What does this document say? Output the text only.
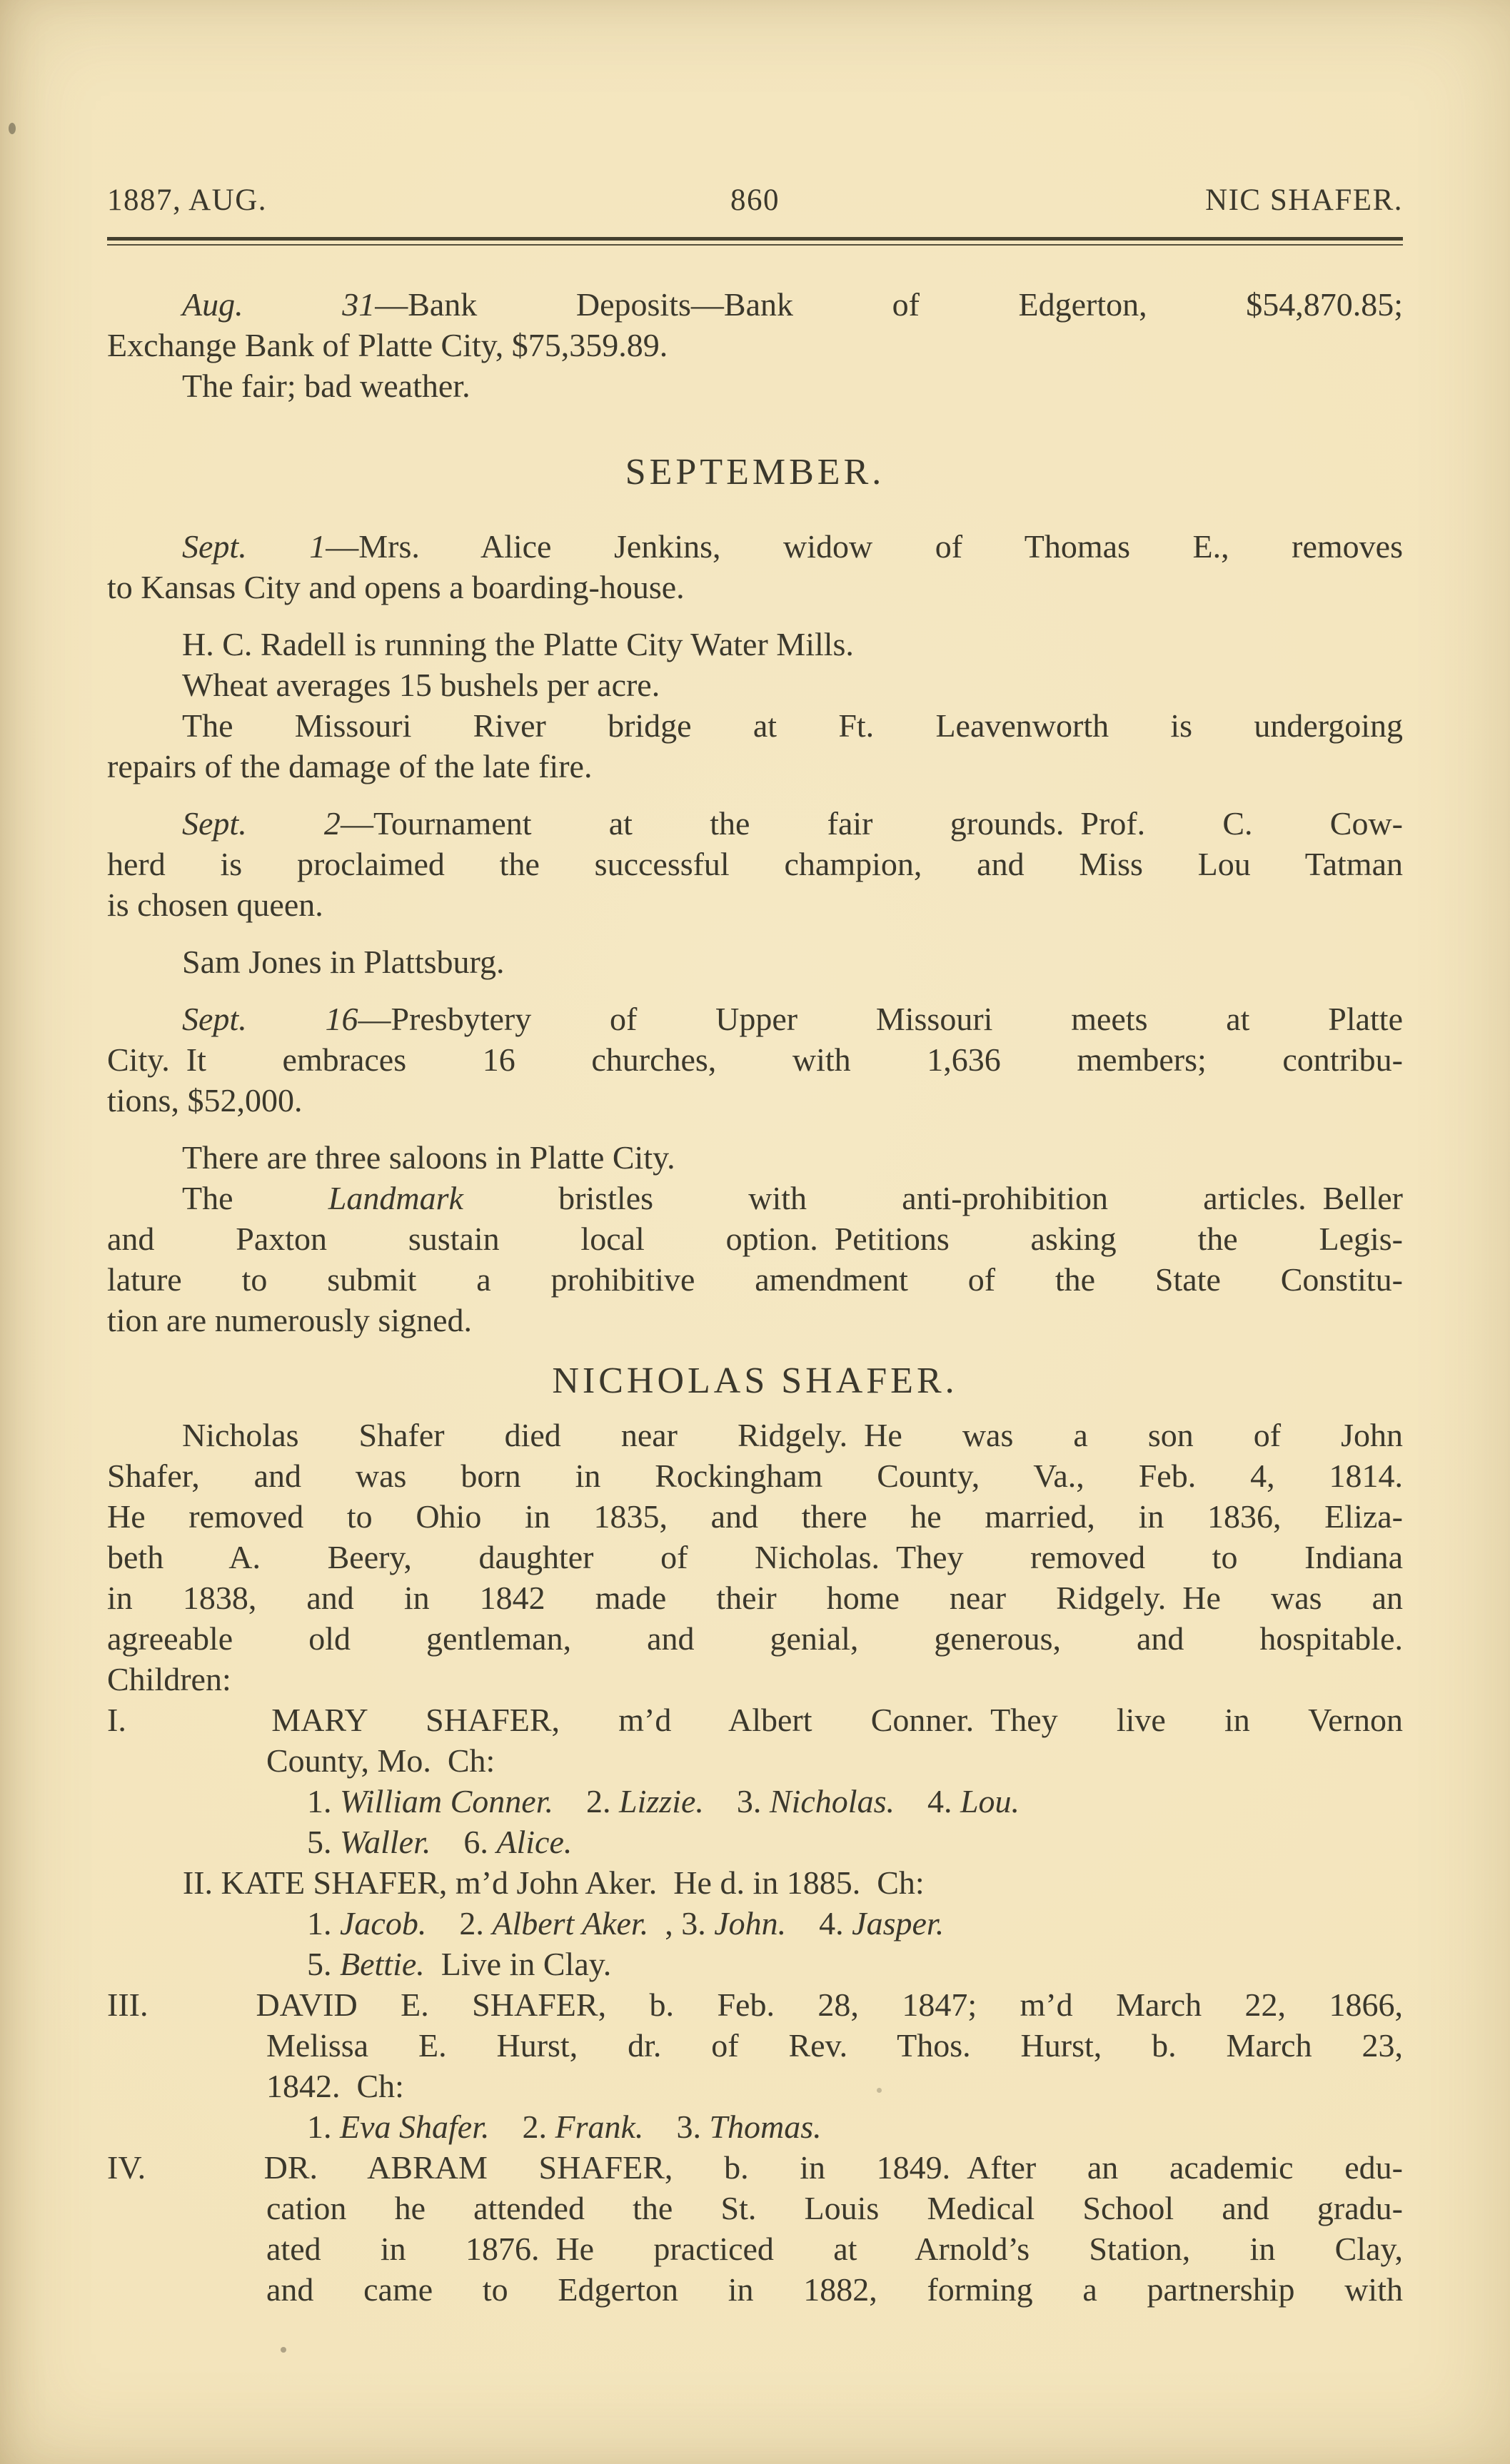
1887, AUG.	860	NIC SHAFER.
Aug. 31—Bank Deposits—Bank of Edgerton, $54,870.85;
Exchange Bank of Platte City, $75,359.89.
The fair; bad weather.
SEPTEMBER.
Sept. 1—Mrs. Alice Jenkins, widow of Thomas E., removes
to Kansas City and opens a boarding-house.
H. C. Radell is running the Platte City Water Mills.
Wheat averages 15 bushels per acre.
The Missouri River bridge at Ft. Leavenworth is undergoing
repairs of the damage of the late fire.
Sept. 2—Tournament at the fair grounds. Prof. C. Cow-
herd is proclaimed the successful champion, and Miss Lou Tatman
is chosen queen.
Sam Jones in Plattsburg.
Sept. 16—Presbytery of Upper Missouri meets at Platte
City. It embraces 16 churches, with 1,636 members; contribu-
tions, $52,000.
There are three saloons in Platte City.
The Landmark bristles with anti-prohibition articles. Beller
and Paxton sustain local option. Petitions asking the Legis-
lature to submit a prohibitive amendment of the State Constitu-
tion are numerously signed.
NICHOLAS SHAFER.
Nicholas Shafer died near Ridgely. He was a son of John
Shafer, and was born in Rockingham County, Va., Feb. 4, 1814.
He removed to Ohio in 1835, and there he married, in 1836, Eliza-
beth A. Beery, daughter of Nicholas. They removed to Indiana
in 1838, and in 1842 made their home near Ridgely. He was an
agreeable old gentleman, and genial, generous, and hospitable.
Children:
I.	MARY SHAFER, m’d Albert Conner. They live in Vernon
County, Mo. Ch:
1. William Conner.  2. Lizzie.  3. Nicholas.  4. Lou.
5. Waller.  6. Alice.
II. KATE SHAFER, m’d John Aker. He d. in 1885. Ch:
1. Jacob.  2. Albert Aker. , 3. John.  4. Jasper.
5. Bettie. Live in Clay.
III. DAVID E. SHAFER, b. Feb. 28, 1847; m’d March 22, 1866,
Melissa E. Hurst, dr. of Rev. Thos. Hurst, b. March 23,
1842. Ch:
1. Eva Shafer.  2. Frank.  3. Thomas.
IV. DR. ABRAM SHAFER, b. in 1849. After an academic edu-
cation he attended the St. Louis Medical School and gradu-
ated in 1876. He practiced at Arnold’s Station, in Clay,
and came to Edgerton in 1882, forming a partnership with
